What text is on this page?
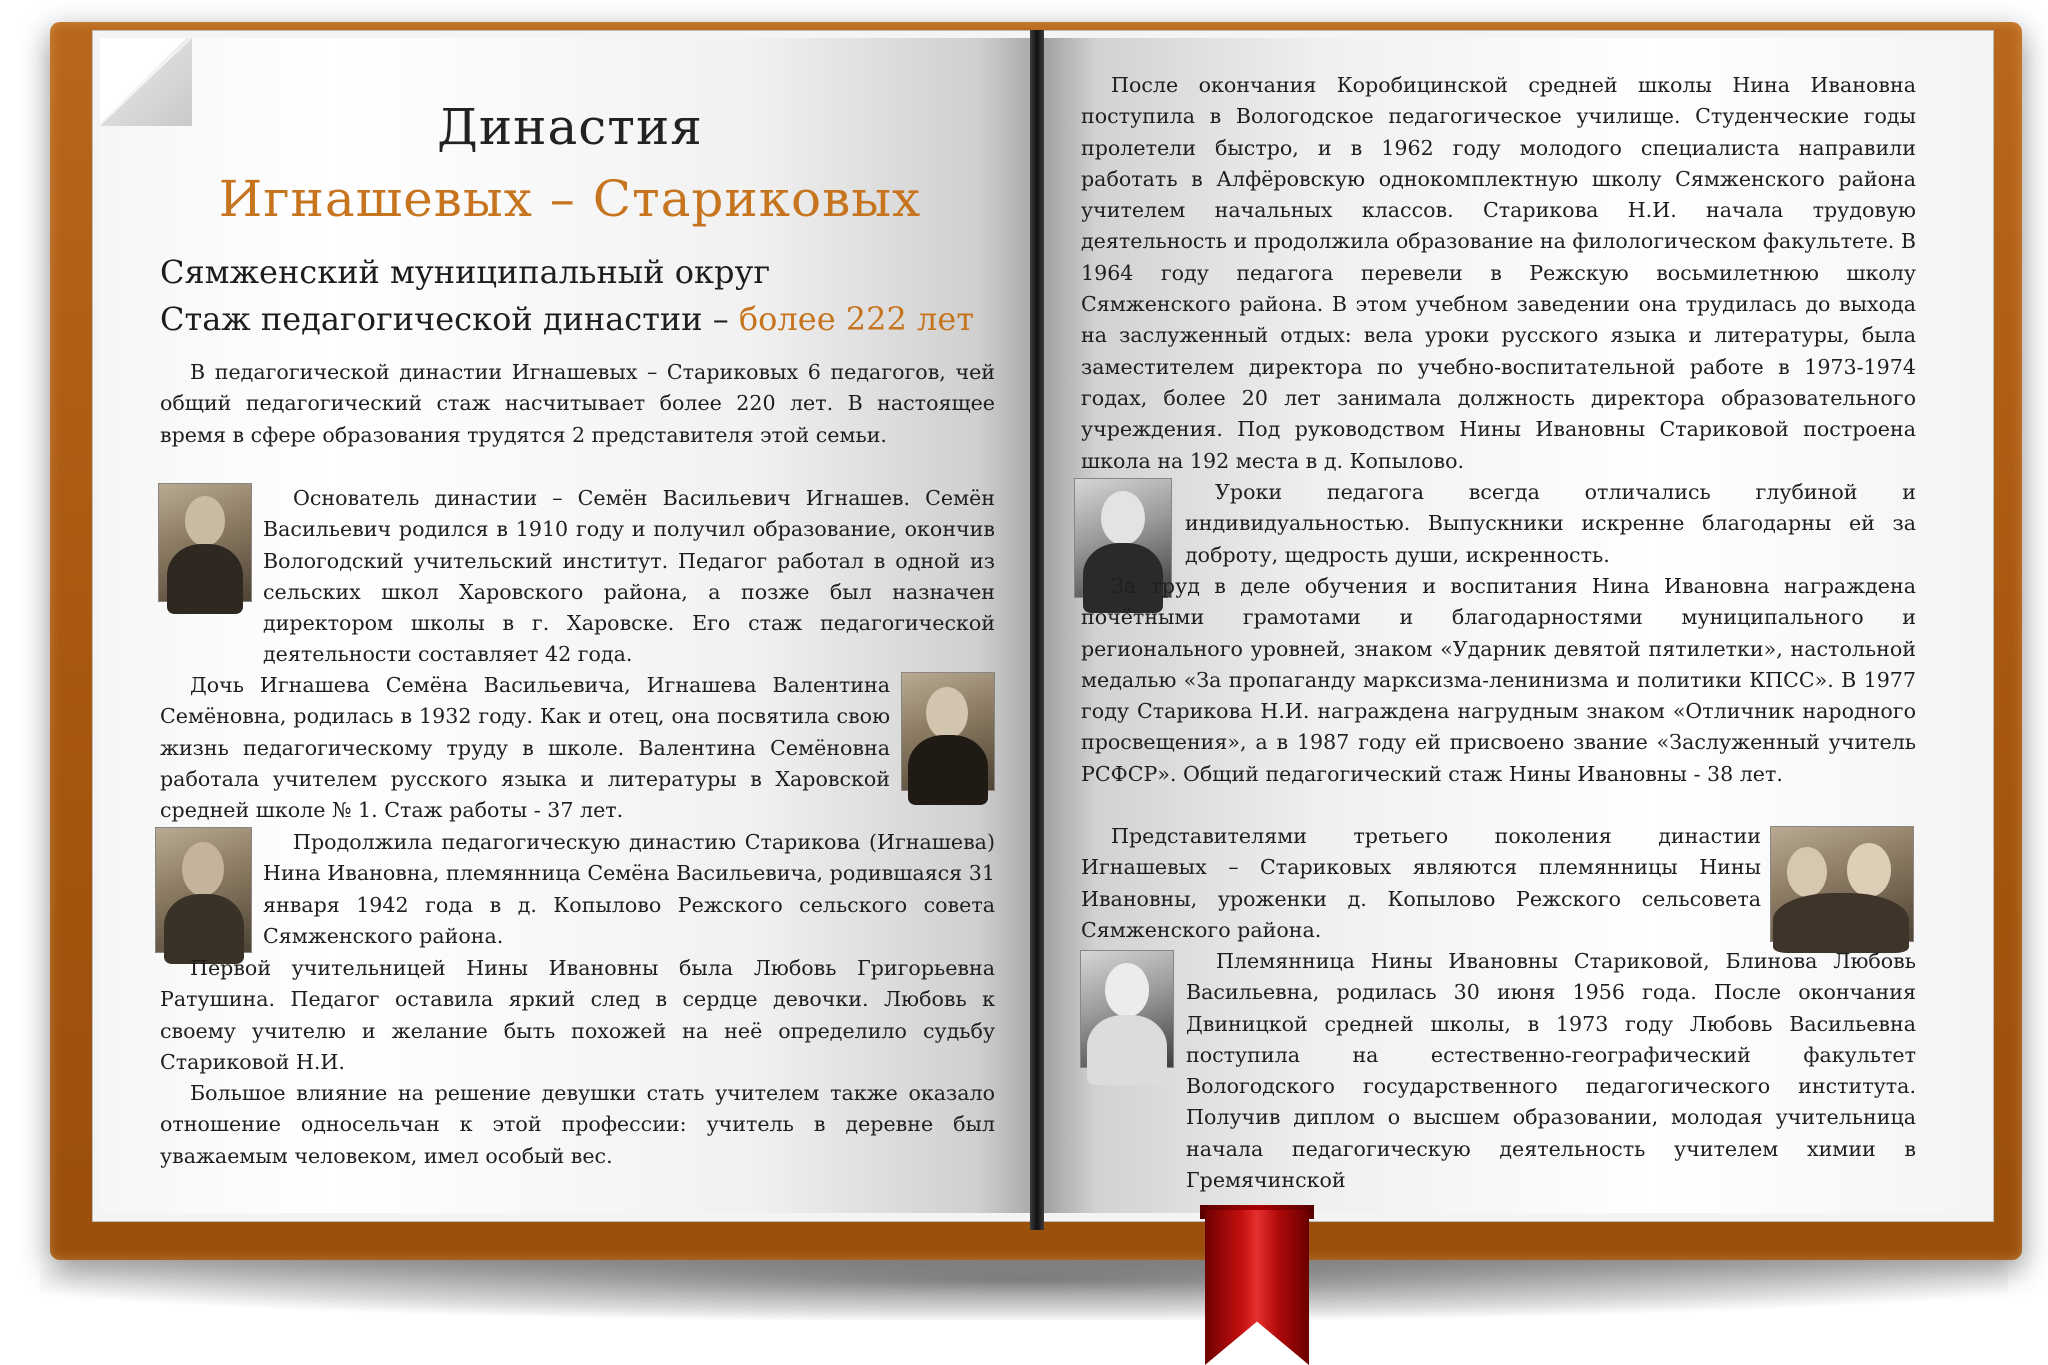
Династия
Игнашевых – Стариковых
Сямженский муниципальный округ
Стаж педагогической династии – более 222 лет

В педагогической династии Игнашевых – Стариковых 6 педагогов, чей общий педагогический стаж насчитывает более 220 лет. В настоящее время в сфере образования трудятся 2 представителя этой семьи.

Основатель династии – Семён Васильевич Игнашев. Семён Васильевич родился в 1910 году и получил образование, окончив Вологодский учительский институт. Педагог работал в одной из сельских школ Харовского района, а позже был назначен директором школы в г. Харовске. Его стаж педагогической деятельности составляет 42 года.

Дочь Игнашева Семёна Васильевича, Игнашева Валентина Семёновна, родилась в 1932 году. Как и отец, она посвятила свою жизнь педагогическому труду в школе. Валентина Семёновна работала учителем русского языка и литературы в Харовской средней школе № 1. Стаж работы - 37 лет.

Продолжила педагогическую династию Старикова (Игнашева) Нина Ивановна, племянница Семёна Васильевича, родившаяся 31 января 1942 года в д. Копылово Режского сельского совета Сямженского района.

Первой учительницей Нины Ивановны была Любовь Григорьевна Ратушина. Педагог оставила яркий след в сердце девочки. Любовь к своему учителю и желание быть похожей на неё определило судьбу Стариковой Н.И.

Большое влияние на решение девушки стать учителем также оказало отношение односельчан к этой профессии: учитель в деревне был уважаемым человеком, имел особый вес.

После окончания Коробицинской средней школы Нина Ивановна поступила в Вологодское педагогическое училище. Студенческие годы пролетели быстро, и в 1962 году молодого специалиста направили работать в Алфёровскую однокомплектную школу Сямженского района учителем начальных классов. Старикова Н.И. начала трудовую деятельность и продолжила образование на филологическом факультете. В 1964 году педагога перевели в Режскую восьмилетнюю школу Сямженского района. В этом учебном заведении она трудилась до выхода на заслуженный отдых: вела уроки русского языка и литературы, была заместителем директора по учебно-воспитательной работе в 1973-1974 годах, более 20 лет занимала должность директора образовательного учреждения. Под руководством Нины Ивановны Стариковой построена школа на 192 места в д. Копылово.

Уроки педагога всегда отличались глубиной и индивидуальностью. Выпускники искренне благодарны ей за доброту, щедрость души, искренность.

За труд в деле обучения и воспитания Нина Ивановна награждена почётными грамотами и благодарностями муниципального и регионального уровней, знаком «Ударник девятой пятилетки», настольной медалью «За пропаганду марксизма-ленинизма и политики КПСС». В 1977 году Старикова Н.И. награждена нагрудным знаком «Отличник народного просвещения», а в 1987 году ей присвоено звание «Заслуженный учитель РСФСР». Общий педагогический стаж Нины Ивановны - 38 лет.

Представителями третьего поколения династии Игнашевых – Стариковых являются племянницы Нины Ивановны, уроженки д. Копылово Режского сельсовета Сямженского района.

Племянница Нины Ивановны Стариковой, Блинова Любовь Васильевна, родилась 30 июня 1956 года. После окончания Двиницкой средней школы, в 1973 году Любовь Васильевна поступила на естественно-географический факультет Вологодского государственного педагогического института. Получив диплом о высшем образовании, молодая учительница начала педагогическую деятельность учителем химии в Гремячинской
